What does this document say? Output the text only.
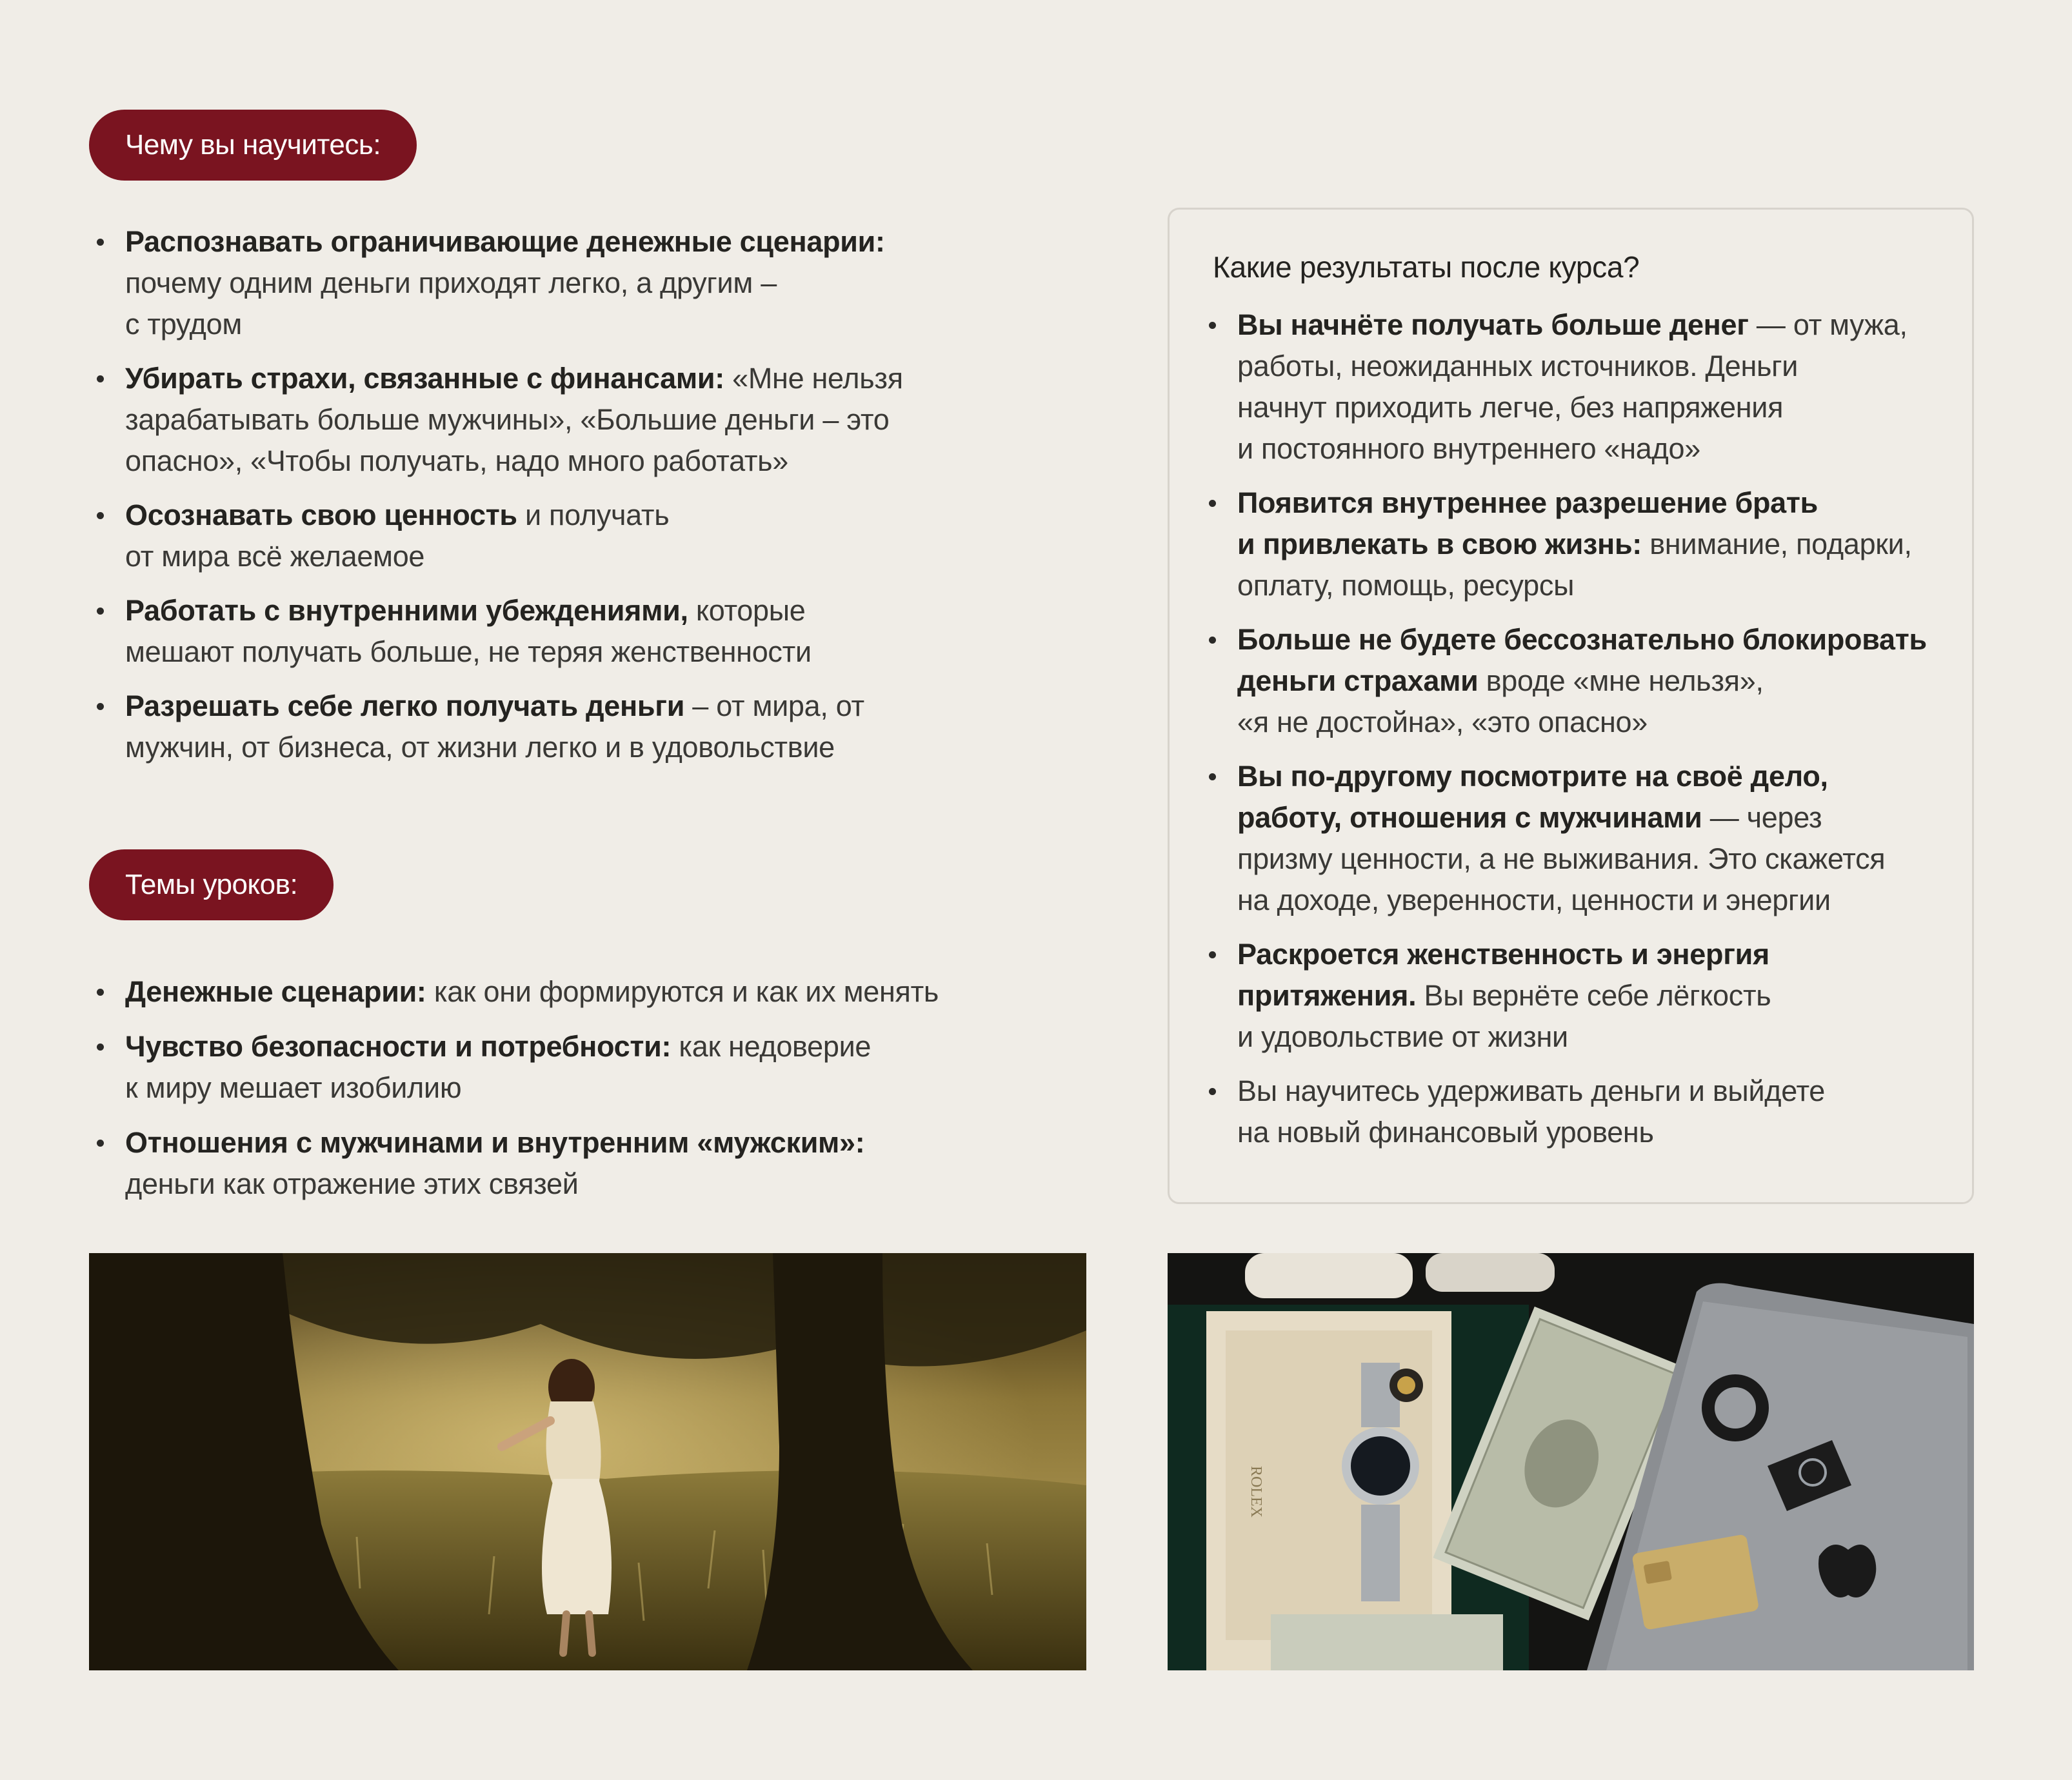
Чему вы научитесь:
Распознавать ограничивающие денежные сценарии:
почему одним деньги приходят легко, а другим –
с трудом
Убирать страхи, связанные с финансами: «Мне нельзя
зарабатывать больше мужчины», «Большие деньги – это
опасно», «Чтобы получать, надо много работать»
Осознавать свою ценность и получать
от мира всё желаемое
Работать с внутренними убеждениями, которые
мешают получать больше, не теряя женственности
Разрешать себе легко получать деньги – от мира, от
мужчин, от бизнеса, от жизни легко и в удовольствие
Темы уроков:
Денежные сценарии: как они формируются и как их менять
Чувство безопасности и потребности: как недоверие
к миру мешает изобилию
Отношения с мужчинами и внутренним «мужским»:
деньги как отражение этих связей
Какие результаты после курса?
Вы начнёте получать больше денег — от мужа,
работы, неожиданных источников. Деньги
начнут приходить легче, без напряжения
и постоянного внутреннего «надо»
Появится внутреннее разрешение брать
и привлекать в свою жизнь: внимание, подарки,
оплату, помощь, ресурсы
Больше не будете бессознательно блокировать
деньги страхами вроде «мне нельзя»,
«я не достойна», «это опасно»
Вы по-другому посмотрите на своё дело,
работу, отношения с мужчинами — через
призму ценности, а не выживания. Это скажется
на доходе, уверенности, ценности и энергии
Раскроется женственность и энергия
притяжения. Вы вернёте себе лёгкость
и удовольствие от жизни
Вы научитесь удерживать деньги и выйдете
на новый финансовый уровень
ROLEX
